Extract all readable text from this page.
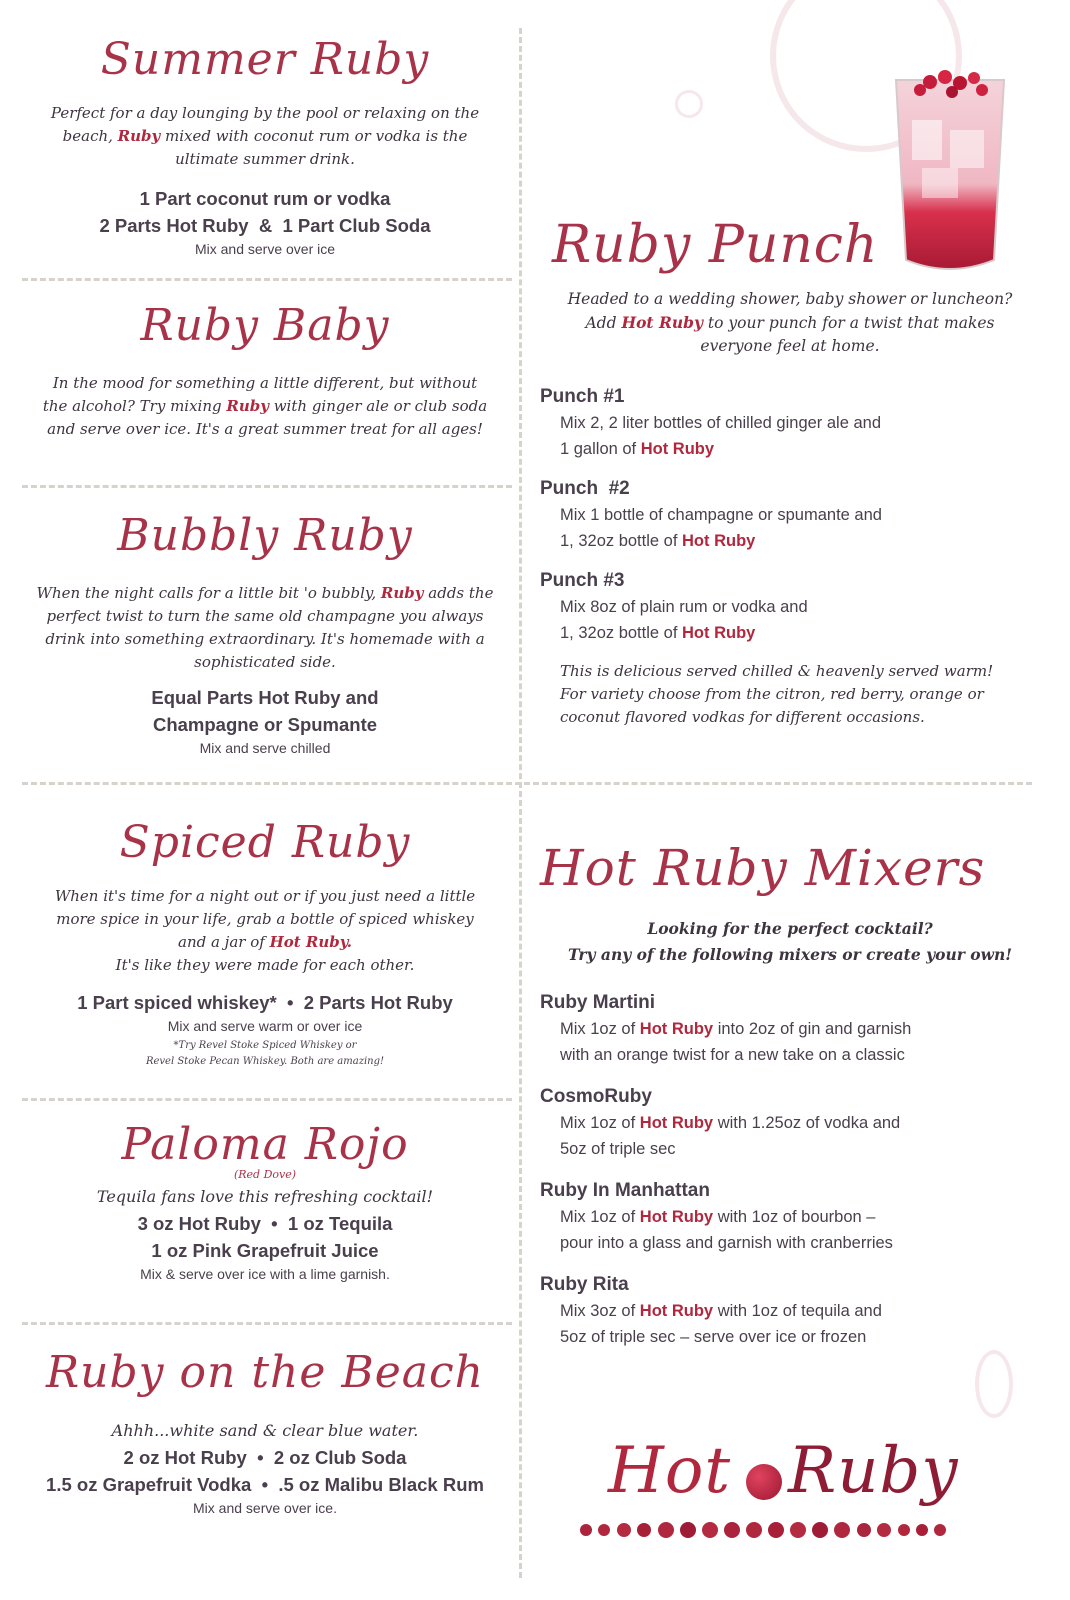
Summer Ruby
Perfect for a day lounging by the pool or relaxing on the beach, Ruby mixed with coconut rum or vodka is the ultimate summer drink.
1 Part coconut rum or vodka
2 Parts Hot Ruby  &  1 Part Club Soda
Mix and serve over ice
Ruby Baby
In the mood for something a little different, but without the alcohol? Try mixing Ruby with ginger ale or club soda and serve over ice. It's a great summer treat for all ages!
Bubbly Ruby
When the night calls for a little bit 'o bubbly, Ruby adds the perfect twist to turn the same old champagne you always drink into something extraordinary. It's homemade with a sophisticated side.
Equal Parts Hot Ruby and
Champagne or Spumante
Mix and serve chilled
Spiced Ruby
When it's time for a night out or if you just need a little more spice in your life, grab a bottle of spiced whiskey and a jar of Hot Ruby.
It's like they were made for each other.
1 Part spiced whiskey*  •  2 Parts Hot Ruby
Mix and serve warm or over ice
*Try Revel Stoke Spiced Whiskey or
Revel Stoke Pecan Whiskey. Both are amazing!
Paloma Rojo
(Red Dove)
Tequila fans love this refreshing cocktail!
3 oz Hot Ruby  •  1 oz Tequila
1 oz Pink Grapefruit Juice
Mix & serve over ice with a lime garnish.
Ruby on the Beach
Ahhh...white sand & clear blue water.
2 oz Hot Ruby  •  2 oz Club Soda
1.5 oz Grapefruit Vodka  •  .5 oz Malibu Black Rum
Mix and serve over ice.
Ruby Punch
Headed to a wedding shower, baby shower or luncheon?
Add Hot Ruby to your punch for a twist that makes
everyone feel at home.
Punch #1
Mix 2, 2 liter bottles of chilled ginger ale and
1 gallon of Hot Ruby
Punch  #2
Mix 1 bottle of champagne or spumante and
1, 32oz bottle of Hot Ruby
Punch #3
Mix 8oz of plain rum or vodka and
1, 32oz bottle of Hot Ruby
This is delicious served chilled & heavenly served warm!
For variety choose from the citron, red berry, orange or
coconut flavored vodkas for different occasions.
Hot Ruby Mixers
Looking for the perfect cocktail?
Try any of the following mixers or create your own!
Ruby Martini
Mix 1oz of Hot Ruby into 2oz of gin and garnish
with an orange twist for a new take on a classic
CosmoRuby
Mix 1oz of Hot Ruby with 1.25oz of vodka and
5oz of triple sec
Ruby In Manhattan
Mix 1oz of Hot Ruby with 1oz of bourbon –
pour into a glass and garnish with cranberries
Ruby Rita
Mix 3oz of Hot Ruby with 1oz of tequila and
5oz of triple sec – serve over ice or frozen
Hot Ruby
